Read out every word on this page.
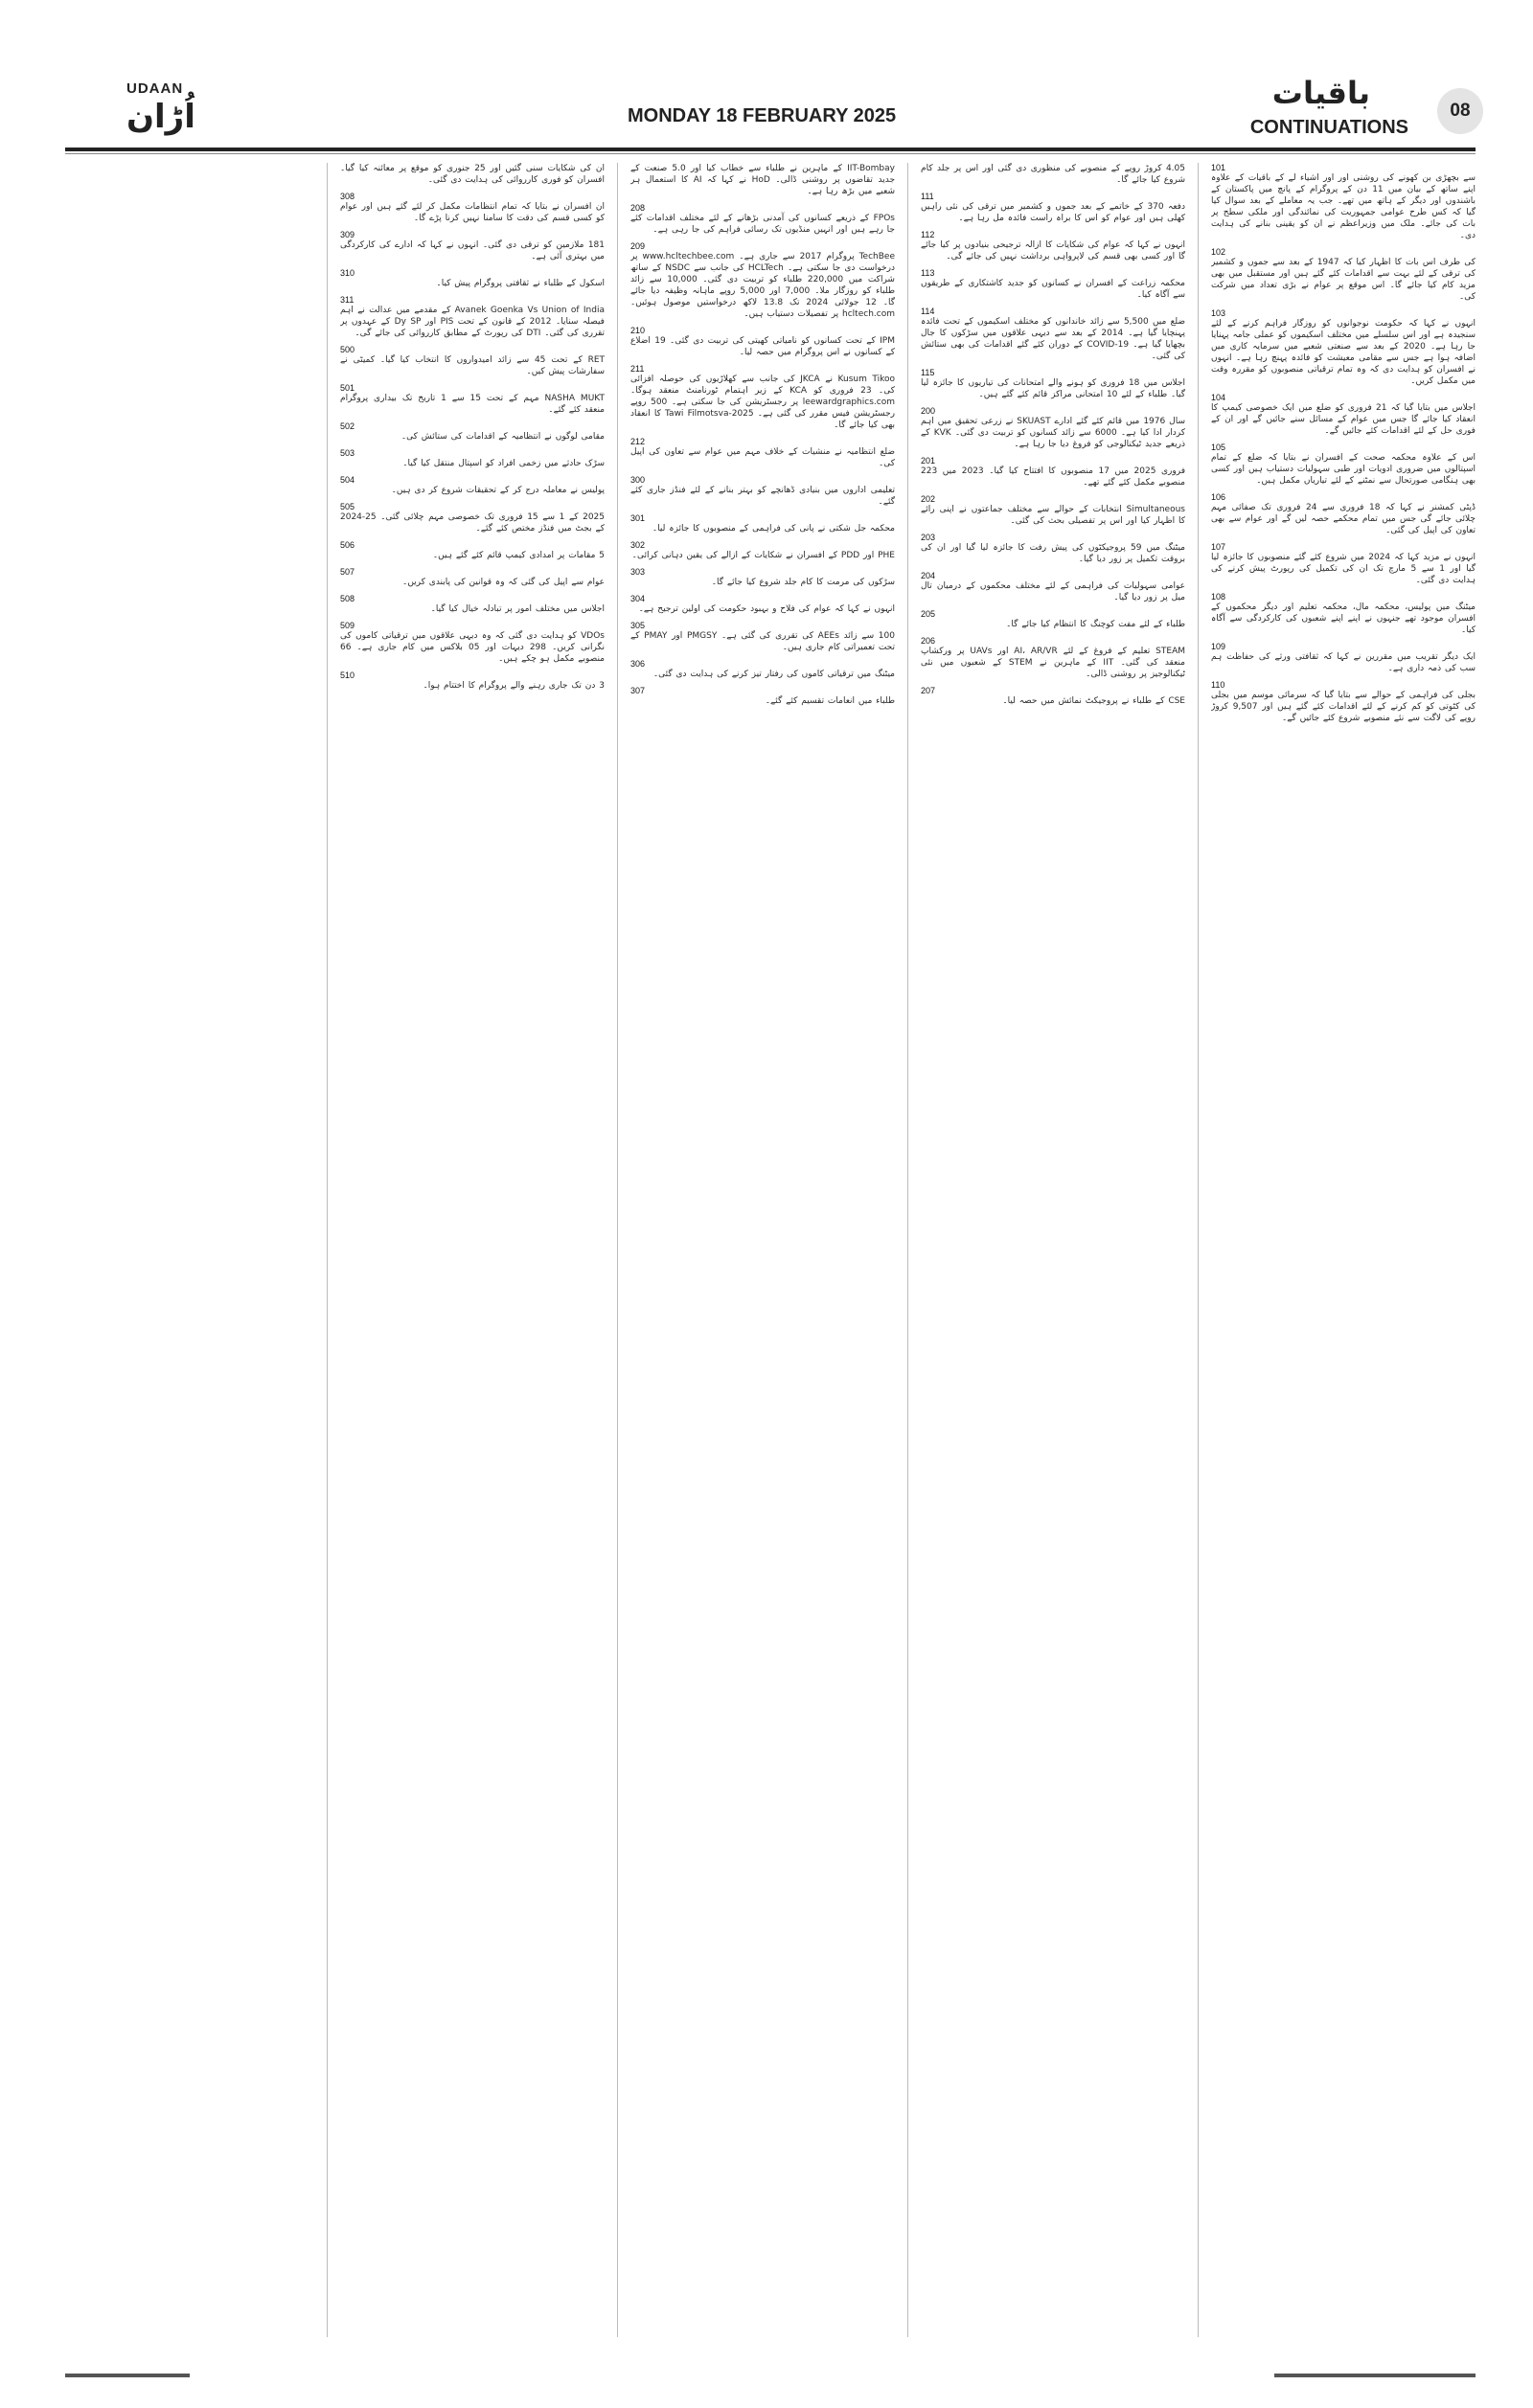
UDAAN
اُڑان	MONDAY 18 FEBRUARY 2025
باقیات
CONTINUATIONS
08
101
سے بچھڑی بن کھونے کی روشنی اور اور اشیاء لے کے باقیات کے علاوہ اپنے ساتھ کے بیان میں 11 دن کے پروگرام کے پانچ میں پاکستان کے باشندوں اور دیگر کے ہاتھ میں تھے۔ جب یہ معاملے کے بعد سوال کیا گیا کہ کس طرح عوامی جمہوریت کی نمائندگی اور ملکی سطح پر بات کی جائے۔ ملک میں وزیراعظم نے ان کو یقینی بنانے کی ہدایت دی۔
102
کی طرف اس بات کا اظہار کیا کہ 1947 کے بعد سے جموں و کشمیر کی ترقی کے لئے بہت سے اقدامات کئے گئے ہیں اور مستقبل میں بھی مزید کام کیا جائے گا۔ اس موقع پر عوام نے بڑی تعداد میں شرکت کی۔
103
انہوں نے کہا کہ حکومت نوجوانوں کو روزگار فراہم کرنے کے لئے سنجیدہ ہے اور اس سلسلے میں مختلف اسکیموں کو عملی جامہ پہنایا جا رہا ہے۔ 2020 کے بعد سے صنعتی شعبے میں سرمایہ کاری میں اضافہ ہوا ہے جس سے مقامی معیشت کو فائدہ پہنچ رہا ہے۔ انہوں نے افسران کو ہدایت دی کہ وہ تمام ترقیاتی منصوبوں کو مقررہ وقت میں مکمل کریں۔
104
اجلاس میں بتایا گیا کہ 21 فروری کو ضلع میں ایک خصوصی کیمپ کا انعقاد کیا جائے گا جس میں عوام کے مسائل سنے جائیں گے اور ان کے فوری حل کے لئے اقدامات کئے جائیں گے۔
105
اس کے علاوہ محکمہ صحت کے افسران نے بتایا کہ ضلع کے تمام اسپتالوں میں ضروری ادویات اور طبی سہولیات دستیاب ہیں اور کسی بھی ہنگامی صورتحال سے نمٹنے کے لئے تیاریاں مکمل ہیں۔
106
ڈپٹی کمشنر نے کہا کہ 18 فروری سے 24 فروری تک صفائی مہم چلائی جائے گی جس میں تمام محکمے حصہ لیں گے اور عوام سے بھی تعاون کی اپیل کی گئی۔
107
انہوں نے مزید کہا کہ 2024 میں شروع کئے گئے منصوبوں کا جائزہ لیا گیا اور 1 سے 5 مارچ تک ان کی تکمیل کی رپورٹ پیش کرنے کی ہدایت دی گئی۔
108
میٹنگ میں پولیس، محکمہ مال، محکمہ تعلیم اور دیگر محکموں کے افسران موجود تھے جنہوں نے اپنے اپنے شعبوں کی کارکردگی سے آگاہ کیا۔
109
ایک دیگر تقریب میں مقررین نے کہا کہ ثقافتی ورثے کی حفاظت ہم سب کی ذمہ داری ہے۔
110
بجلی کی فراہمی کے حوالے سے بتایا گیا کہ سرمائی موسم میں بجلی کی کٹوتی کو کم کرنے کے لئے اقدامات کئے گئے ہیں اور 9,507 کروڑ روپے کی لاگت سے نئے منصوبے شروع کئے جائیں گے۔
4.05 کروڑ روپے کے منصوبے کی منظوری دی گئی اور اس پر جلد کام شروع کیا جائے گا۔
111
دفعہ 370 کے خاتمے کے بعد جموں و کشمیر میں ترقی کی نئی راہیں کھلی ہیں اور عوام کو اس کا براہ راست فائدہ مل رہا ہے۔
112
انہوں نے کہا کہ عوام کی شکایات کا ازالہ ترجیحی بنیادوں پر کیا جائے گا اور کسی بھی قسم کی لاپرواہی برداشت نہیں کی جائے گی۔
113
محکمہ زراعت کے افسران نے کسانوں کو جدید کاشتکاری کے طریقوں سے آگاہ کیا۔
114
ضلع میں 5,500 سے زائد خاندانوں کو مختلف اسکیموں کے تحت فائدہ پہنچایا گیا ہے۔ 2014 کے بعد سے دیہی علاقوں میں سڑکوں کا جال بچھایا گیا ہے۔ COVID-19 کے دوران کئے گئے اقدامات کی بھی ستائش کی گئی۔
115
اجلاس میں 18 فروری کو ہونے والے امتحانات کی تیاریوں کا جائزہ لیا گیا۔ طلباء کے لئے 10 امتحانی مراکز قائم کئے گئے ہیں۔
200
سال 1976 میں قائم کئے گئے ادارے SKUAST نے زرعی تحقیق میں اہم کردار ادا کیا ہے۔ 6000 سے زائد کسانوں کو تربیت دی گئی۔ KVK کے ذریعے جدید ٹیکنالوجی کو فروغ دیا جا رہا ہے۔
201
فروری 2025 میں 17 منصوبوں کا افتتاح کیا گیا۔ 2023 میں 223 منصوبے مکمل کئے گئے تھے۔
202
Simultaneous انتخابات کے حوالے سے مختلف جماعتوں نے اپنی رائے کا اظہار کیا اور اس پر تفصیلی بحث کی گئی۔
203
میٹنگ میں 59 پروجیکٹوں کی پیش رفت کا جائزہ لیا گیا اور ان کی بروقت تکمیل پر زور دیا گیا۔
204
عوامی سہولیات کی فراہمی کے لئے مختلف محکموں کے درمیان تال میل پر زور دیا گیا۔
205
طلباء کے لئے مفت کوچنگ کا انتظام کیا جائے گا۔
206
STEAM تعلیم کے فروغ کے لئے AI، AR/VR اور UAVs پر ورکشاپ منعقد کی گئی۔ IIT کے ماہرین نے STEM کے شعبوں میں نئی ٹیکنالوجیز پر روشنی ڈالی۔
207
CSE کے طلباء نے پروجیکٹ نمائش میں حصہ لیا۔
IIT-Bombay کے ماہرین نے طلباء سے خطاب کیا اور 5.0 صنعت کے جدید تقاضوں پر روشنی ڈالی۔ HoD نے کہا کہ AI کا استعمال ہر شعبے میں بڑھ رہا ہے۔
208
FPOs کے ذریعے کسانوں کی آمدنی بڑھانے کے لئے مختلف اقدامات کئے جا رہے ہیں اور انہیں منڈیوں تک رسائی فراہم کی جا رہی ہے۔
209
TechBee پروگرام 2017 سے جاری ہے۔ www.hcltechbee.com پر درخواست دی جا سکتی ہے۔ HCLTech کی جانب سے NSDC کے ساتھ شراکت میں 220,000 طلباء کو تربیت دی گئی۔ 10,000 سے زائد طلباء کو روزگار ملا۔ 7,000 اور 5,000 روپے ماہانہ وظیفہ دیا جائے گا۔ 12 جولائی 2024 تک 13.8 لاکھ درخواستیں موصول ہوئیں۔ hcltech.com پر تفصیلات دستیاب ہیں۔
210
IPM کے تحت کسانوں کو نامیاتی کھیتی کی تربیت دی گئی۔ 19 اضلاع کے کسانوں نے اس پروگرام میں حصہ لیا۔
211
Kusum Tikoo نے JKCA کی جانب سے کھلاڑیوں کی حوصلہ افزائی کی۔ 23 فروری کو KCA کے زیر اہتمام ٹورنامنٹ منعقد ہوگا۔ leewardgraphics.com پر رجسٹریشن کی جا سکتی ہے۔ 500 روپے رجسٹریشن فیس مقرر کی گئی ہے۔ Tawi Filmotsva-2025 کا انعقاد بھی کیا جائے گا۔
212
ضلع انتظامیہ نے منشیات کے خلاف مہم میں عوام سے تعاون کی اپیل کی۔
300
تعلیمی اداروں میں بنیادی ڈھانچے کو بہتر بنانے کے لئے فنڈز جاری کئے گئے۔
301
محکمہ جل شکتی نے پانی کی فراہمی کے منصوبوں کا جائزہ لیا۔
302
PHE اور PDD کے افسران نے شکایات کے ازالے کی یقین دہانی کرائی۔
303
سڑکوں کی مرمت کا کام جلد شروع کیا جائے گا۔
304
انہوں نے کہا کہ عوام کی فلاح و بہبود حکومت کی اولین ترجیح ہے۔
305
100 سے زائد AEEs کی تقرری کی گئی ہے۔ PMGSY اور PMAY کے تحت تعمیراتی کام جاری ہیں۔
306
میٹنگ میں ترقیاتی کاموں کی رفتار تیز کرنے کی ہدایت دی گئی۔
307
طلباء میں انعامات تقسیم کئے گئے۔
ان کی شکایات سنی گئیں اور 25 جنوری کو موقع پر معائنہ کیا گیا۔ افسران کو فوری کارروائی کی ہدایت دی گئی۔
308
ان افسران نے بتایا کہ تمام انتظامات مکمل کر لئے گئے ہیں اور عوام کو کسی قسم کی دقت کا سامنا نہیں کرنا پڑے گا۔
309
181 ملازمین کو ترقی دی گئی۔ انہوں نے کہا کہ ادارے کی کارکردگی میں بہتری آئی ہے۔
310
اسکول کے طلباء نے ثقافتی پروگرام پیش کیا۔
311
Avanek Goenka Vs Union of India کے مقدمے میں عدالت نے اہم فیصلہ سنایا۔ 2012 کے قانون کے تحت PIS اور Dy SP کے عہدوں پر تقرری کی گئی۔ DTI کی رپورٹ کے مطابق کارروائی کی جائے گی۔
500
RET کے تحت 45 سے زائد امیدواروں کا انتخاب کیا گیا۔ کمیٹی نے سفارشات پیش کیں۔
501
NASHA MUKT مہم کے تحت 15 سے 1 تاریخ تک بیداری پروگرام منعقد کئے گئے۔
502
مقامی لوگوں نے انتظامیہ کے اقدامات کی ستائش کی۔
503
سڑک حادثے میں زخمی افراد کو اسپتال منتقل کیا گیا۔
504
پولیس نے معاملہ درج کر کے تحقیقات شروع کر دی ہیں۔
505
2025 کے 1 سے 15 فروری تک خصوصی مہم چلائی گئی۔ 25-2024 کے بجٹ میں فنڈز مختص کئے گئے۔
506
5 مقامات پر امدادی کیمپ قائم کئے گئے ہیں۔
507
عوام سے اپیل کی گئی کہ وہ قوانین کی پابندی کریں۔
508
اجلاس میں مختلف امور پر تبادلہ خیال کیا گیا۔
509
VDOs کو ہدایت دی گئی کہ وہ دیہی علاقوں میں ترقیاتی کاموں کی نگرانی کریں۔ 298 دیہات اور 05 بلاکس میں کام جاری ہے۔ 66 منصوبے مکمل ہو چکے ہیں۔
510
3 دن تک جاری رہنے والے پروگرام کا اختتام ہوا۔
